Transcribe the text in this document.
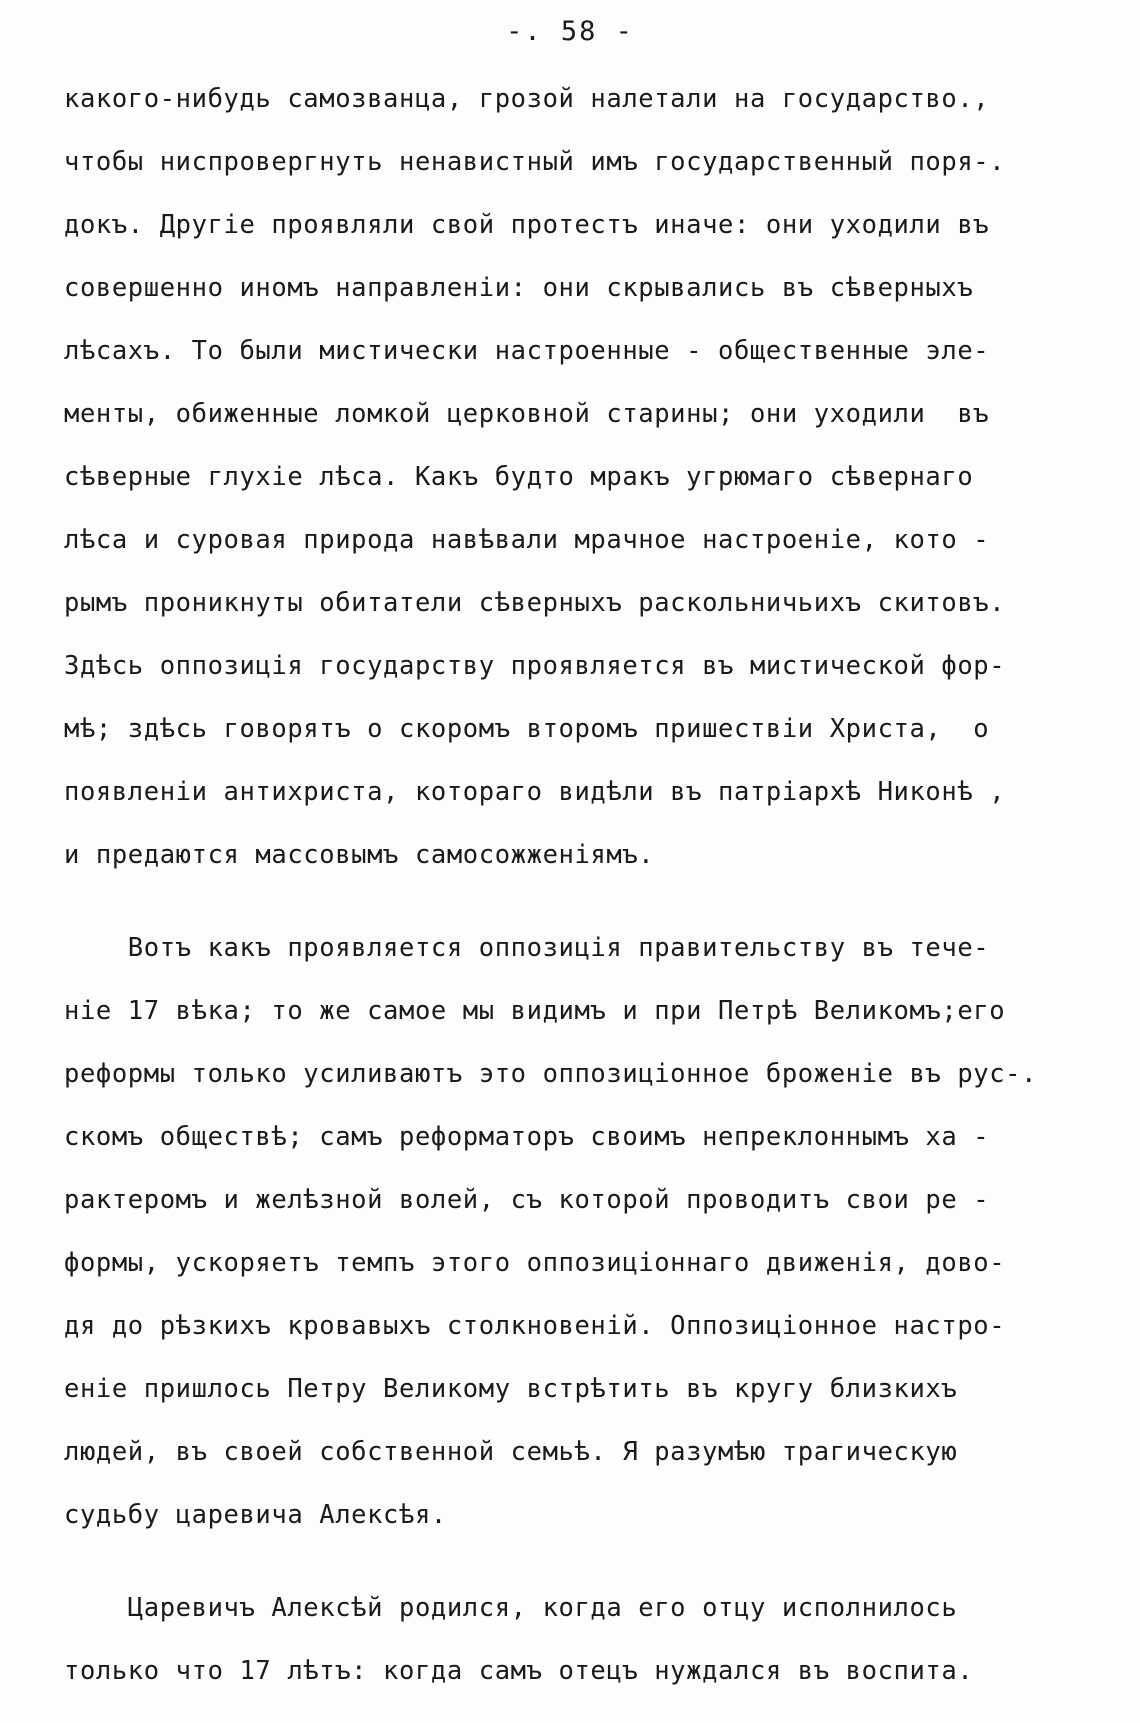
-. 58 -
какого-нибудь самозванца, грозой налетали на государство.,
чтобы ниспровергнуть ненавистный имъ государственный поря-.
докъ. Другіе проявляли свой протестъ иначе: они уходили въ
совершенно иномъ направленіи: они скрывались въ сѣверныхъ
лѣсахъ. То были мистически настроенные - общественные эле-
менты, обиженные ломкой церковной старины; они уходили  въ
сѣверные глухіе лѣса. Какъ будто мракъ угрюмаго сѣвернаго
лѣса и суровая природа навѣвали мрачное настроеніе, кото -
рымъ проникнуты обитатели сѣверныхъ раскольничьихъ скитовъ.
Здѣсь оппозиція государству проявляется въ мистической фор-
мѣ; здѣсь говорятъ о скоромъ второмъ пришествіи Христа,  о
появленіи антихриста, котораго видѣли въ патріархѣ Никонѣ ,
и предаются массовымъ самосожженіямъ.
Вотъ какъ проявляется оппозиція правительству въ тече-
ніе 17 вѣка; то же самое мы видимъ и при Петрѣ Великомъ;его
реформы только усиливаютъ это оппозиціонное броженіе въ рус-.
скомъ обществѣ; самъ реформаторъ своимъ непреклоннымъ ха -
рактеромъ и желѣзной волей, съ которой проводитъ свои ре -
формы, ускоряетъ темпъ этого оппозиціоннаго движенія, дово-
дя до рѣзкихъ кровавыхъ столкновеній. Оппозиціонное настро-
еніе пришлось Петру Великому встрѣтить въ кругу близкихъ
людей, въ своей собственной семьѣ. Я разумѣю трагическую
судьбу царевича Алексѣя.
Царевичъ Алексѣй родился, когда его отцу исполнилось
только что 17 лѣтъ: когда самъ отецъ нуждался въ воспита.
